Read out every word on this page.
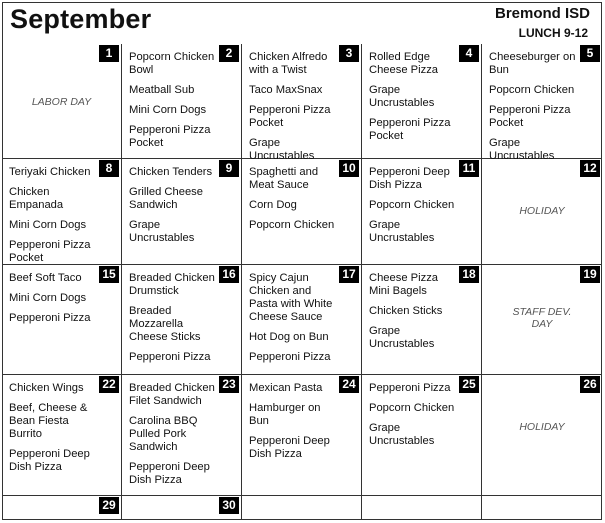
September	Bremond ISD
LUNCH 9-12
1
LABOR DAY
2
Popcorn Chicken Bowl
Meatball Sub
Mini Corn Dogs
Pepperoni Pizza Pocket
3
Chicken Alfredo with a Twist
Taco MaxSnax
Pepperoni Pizza Pocket
Grape Uncrustables
4
Rolled Edge Cheese Pizza
Grape Uncrustables
Pepperoni Pizza Pocket
5
Cheeseburger on Bun
Popcorn Chicken
Pepperoni Pizza Pocket
Grape Uncrustables
8
Teriyaki Chicken
Chicken Empanada
Mini Corn Dogs
Pepperoni Pizza Pocket
9
Chicken Tenders
Grilled Cheese Sandwich
Grape Uncrustables
10
Spaghetti and Meat Sauce
Corn Dog
Popcorn Chicken
11
Pepperoni Deep Dish Pizza
Popcorn Chicken
Grape Uncrustables
12
HOLIDAY
15
Beef Soft Taco
Mini Corn Dogs
Pepperoni Pizza
16
Breaded Chicken Drumstick
Breaded Mozzarella Cheese Sticks
Pepperoni Pizza
17
Spicy Cajun Chicken and Pasta with White Cheese Sauce
Hot Dog on Bun
Pepperoni Pizza
18
Cheese Pizza Mini Bagels
Chicken Sticks
Grape Uncrustables
19
STAFF DEV. DAY
22
Chicken Wings
Beef, Cheese & Bean Fiesta Burrito
Pepperoni Deep Dish Pizza
23
Breaded Chicken Filet Sandwich
Carolina BBQ Pulled Pork Sandwich
Pepperoni Deep Dish Pizza
24
Mexican Pasta
Hamburger on Bun
Pepperoni Deep Dish Pizza
25
Pepperoni Pizza
Popcorn Chicken
Grape Uncrustables
26
HOLIDAY
29	30
